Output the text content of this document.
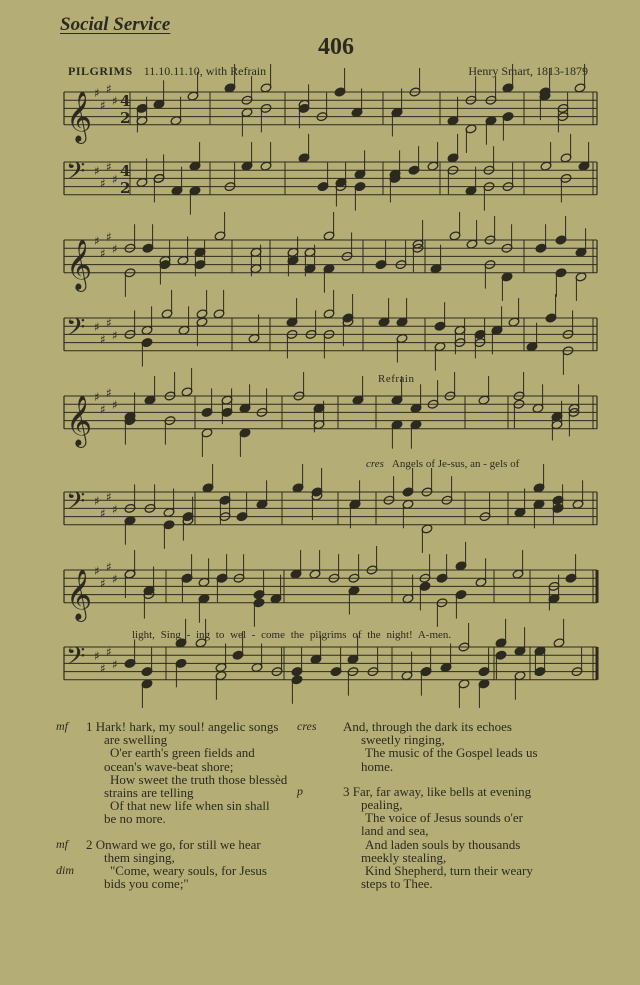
Social Service
406
PILGRIMS 11.10.11.10, with Refrain	Henry Smart, 1813-1879
𝄞 ♯
♯
♯
♯ 4
2
𝄢 ♯
♯
♯
♯ 4
2
𝄞 ♯
♯
♯
♯
𝄢 ♯
♯
♯
♯
𝄞 ♯
♯
♯
♯
𝄢 ♯
♯
♯
♯
𝄞 ♯
♯
♯
♯
𝄢 ♯
♯
♯
♯
Refrain
cres Angels of Je-sus, an - gels of
light, Sing - ing to wel - come the pilgrims of the night! A-men.
mf 1 Hark! hark, my soul! angelic songs
are swelling
O'er earth's green fields and
ocean's wave-beat shore;
How sweet the truth those blessèd
strains are telling
Of that new life when sin shall
be no more.
mf 2 Onward we go, for still we hear
them singing,
dim	"Come, weary souls, for Jesus
bids you come;"
cres And, through the dark its echoes
sweetly ringing,
The music of the Gospel leads us
home.
p	3 Far, far away, like bells at evening
pealing,
The voice of Jesus sounds o'er
land and sea,
And laden souls by thousands
meekly stealing,
Kind Shepherd, turn their weary
steps to Thee.
